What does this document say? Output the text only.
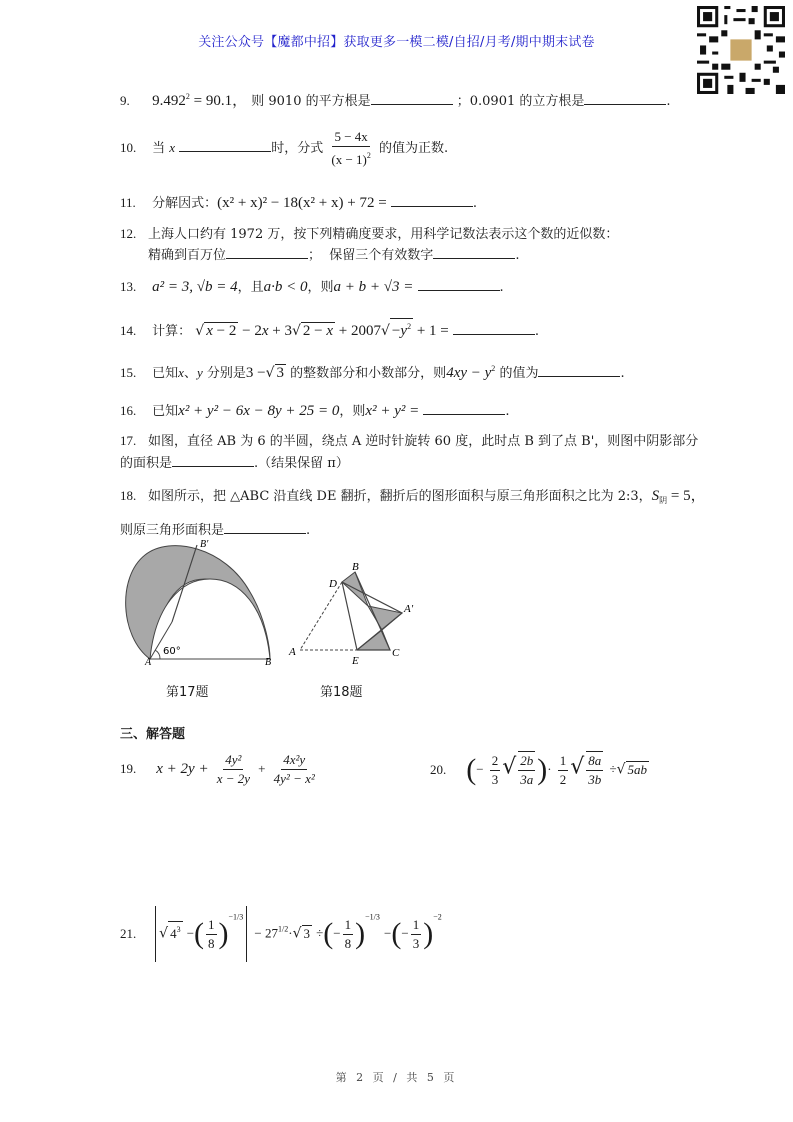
关注公众号【魔都中招】获取更多一模二模/自招/月考/期中期末试卷
9. $9.492^2 = 90.1$， 则 9010 的平方根是	；0.0901 的立方根是	.
10. 当 x	时，分式 $\frac{5 - 4x}{(x - 1)^2}$ 的值为正数.
11. 分解因式：(x² + x)² − 18(x² + x) + 72 =	.
12. 上海人口约有 1972 万，按下列精确度要求，用科学记数法表示这个数的近似数：
精确到百万位	； 保留三个有效数字	.
13. a² = 3, √b = 4，且a·b < 0，则a + b + √3 =	.
14. 计算： √ x − 2 − 2x + 3√ $2 - x + 2007√ -y^2 + 1$ =	.
15. 已知x、y 分别是3 −√ 3 的整数部分和小数部分，则$4xy - y^2$ 的值为	.
16. 已知x² + y² − 6x − 8y + 25 = 0，则x² + y² =	.
17. 如图，直径 AB 为 6 的半圆，绕点 A 逆时针旋转 60 度，此时点 B 到了点 B'，则图中阴影部分
的面积是	.（结果保留 π）
18. 如图所示，把 △ABC 沿直线 DE 翻折，翻折后的图形面积与原三角形面积之比为 2:3，$S_阴 = 5$，
则原三角形面积是	.
A	B
B′
60°
第17题
B
D
A′
A
E
C
第18题
三、解答题
19. $x + 2y + \frac{\text{4y²}}{x - 2y} + \frac{\text{4x²y}}{\text{4y² − x²}}$	20. (− $\frac{2}{3}$ √ $\frac{2b}{3a}$ )· $\frac{1}{2}$ √ $\frac{8a}{3b}$ ÷√ 5ab
21. √ $4^3$ −( $\frac{1}{8} )^{-1/3} - 27^{1/2}\cdot√$ 3 ÷(− $\frac{1}{8} )^{-1/3}$ −(− $\frac{1}{3} )^{-2}$
第 2 页 / 共 5 页
